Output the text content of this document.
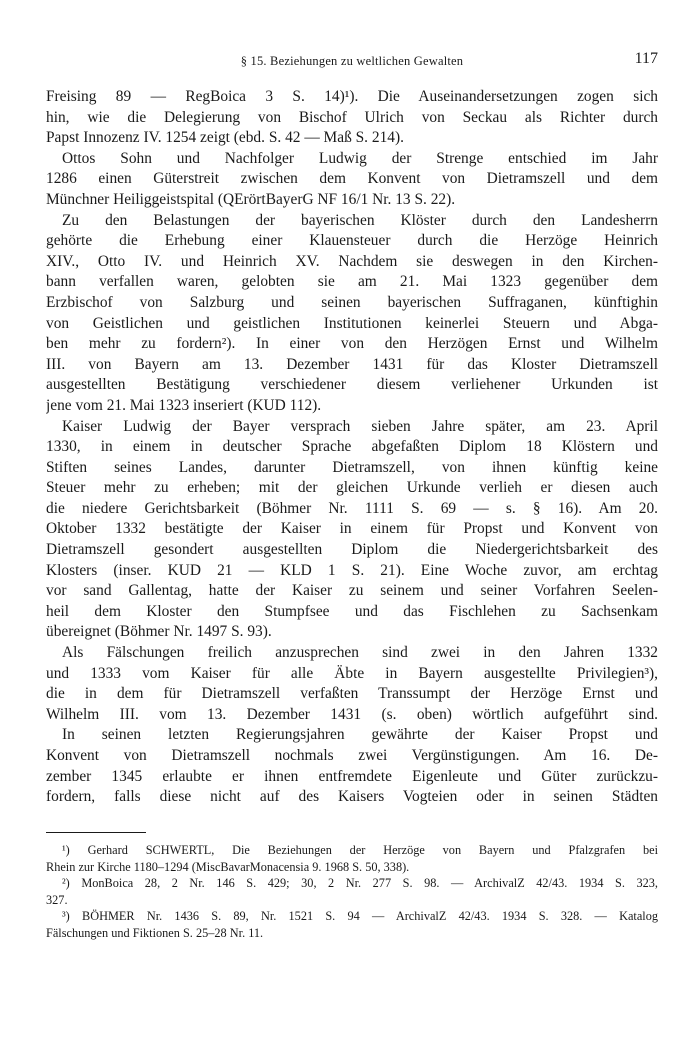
§ 15. Beziehungen zu weltlichen Gewalten	117
Freising 89 — RegBoica 3 S. 14)¹). Die Auseinandersetzungen zogen sich
hin, wie die Delegierung von Bischof Ulrich von Seckau als Richter durch
Papst Innozenz IV. 1254 zeigt (ebd. S. 42 — Maß S. 214).
Ottos Sohn und Nachfolger Ludwig der Strenge entschied im Jahr
1286 einen Güterstreit zwischen dem Konvent von Dietramszell und dem
Münchner Heiliggeistspital (QErörtBayerG NF 16/1 Nr. 13 S. 22).
Zu den Belastungen der bayerischen Klöster durch den Landesherrn
gehörte die Erhebung einer Klauensteuer durch die Herzöge Heinrich
XIV., Otto IV. und Heinrich XV. Nachdem sie deswegen in den Kirchen-
bann verfallen waren, gelobten sie am 21. Mai 1323 gegenüber dem
Erzbischof von Salzburg und seinen bayerischen Suffraganen, künftighin
von Geistlichen und geistlichen Institutionen keinerlei Steuern und Abga-
ben mehr zu fordern²). In einer von den Herzögen Ernst und Wilhelm
III. von Bayern am 13. Dezember 1431 für das Kloster Dietramszell
ausgestellten Bestätigung verschiedener diesem verliehener Urkunden ist
jene vom 21. Mai 1323 inseriert (KUD 112).
Kaiser Ludwig der Bayer versprach sieben Jahre später, am 23. April
1330, in einem in deutscher Sprache abgefaßten Diplom 18 Klöstern und
Stiften seines Landes, darunter Dietramszell, von ihnen künftig keine
Steuer mehr zu erheben; mit der gleichen Urkunde verlieh er diesen auch
die niedere Gerichtsbarkeit (Böhmer Nr. 1111 S. 69 — s. § 16). Am 20.
Oktober 1332 bestätigte der Kaiser in einem für Propst und Konvent von
Dietramszell gesondert ausgestellten Diplom die Niedergerichtsbarkeit des
Klosters (inser. KUD 21 — KLD 1 S. 21). Eine Woche zuvor, am erchtag
vor sand Gallentag, hatte der Kaiser zu seinem und seiner Vorfahren Seelen-
heil dem Kloster den Stumpfsee und das Fischlehen zu Sachsenkam
übereignet (Böhmer Nr. 1497 S. 93).
Als Fälschungen freilich anzusprechen sind zwei in den Jahren 1332
und 1333 vom Kaiser für alle Äbte in Bayern ausgestellte Privilegien³),
die in dem für Dietramszell verfaßten Transsumpt der Herzöge Ernst und
Wilhelm III. vom 13. Dezember 1431 (s. oben) wörtlich aufgeführt sind.
In seinen letzten Regierungsjahren gewährte der Kaiser Propst und
Konvent von Dietramszell nochmals zwei Vergünstigungen. Am 16. De-
zember 1345 erlaubte er ihnen entfremdete Eigenleute und Güter zurückzu-
fordern, falls diese nicht auf des Kaisers Vogteien oder in seinen Städten
¹) Gerhard SCHWERTL, Die Beziehungen der Herzöge von Bayern und Pfalzgrafen bei
Rhein zur Kirche 1180–1294 (MiscBavarMonacensia 9. 1968 S. 50, 338).
²) MonBoica 28, 2 Nr. 146 S. 429; 30, 2 Nr. 277 S. 98. — ArchivalZ 42/43. 1934 S. 323,
327.
³) BÖHMER Nr. 1436 S. 89, Nr. 1521 S. 94 — ArchivalZ 42/43. 1934 S. 328. — Katalog
Fälschungen und Fiktionen S. 25–28 Nr. 11.
